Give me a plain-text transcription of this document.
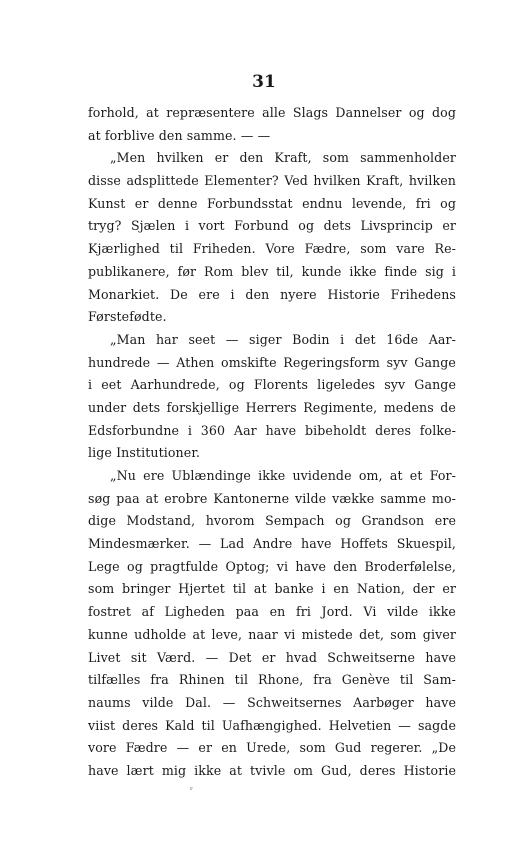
31
forhold, at repræsentere alle Slags Dannelser og dog
at forblive den samme. — —
„Men hvilken er den Kraft, som sammenholder
disse adsplittede Elementer? Ved hvilken Kraft, hvilken
Kunst er denne Forbundsstat endnu levende, fri og
tryg? Sjælen i vort Forbund og dets Livsprincip er
Kjærlighed til Friheden. Vore Fædre, som vare Re-
publikanere, før Rom blev til, kunde ikke finde sig i
Monarkiet. De ere i den nyere Historie Frihedens
Førstefødte.
„Man har seet — siger Bodin i det 16de Aar-
hundrede — Athen omskifte Regeringsform syv Gange
i eet Aarhundrede, og Florents ligeledes syv Gange
under dets forskjellige Herrers Regimente, medens de
Edsforbundne i 360 Aar have bibeholdt deres folke-
lige Institutioner.
„Nu ere Ublændinge ikke uvidende om, at et For-
søg paa at erobre Kantonerne vilde vække samme mo-
dige Modstand, hvorom Sempach og Grandson ere
Mindesmærker. — Lad Andre have Hoffets Skuespil,
Lege og pragtfulde Optog; vi have den Broderfølelse,
som bringer Hjertet til at banke i en Nation, der er
fostret af Ligheden paa en fri Jord. Vi vilde ikke
kunne udholde at leve, naar vi mistede det, som giver
Livet sit Værd. — Det er hvad Schweitserne have
tilfælles fra Rhinen til Rhone, fra Genève til Sam-
naums vilde Dal. — Schweitsernes Aarbøger have
viist deres Kald til Uafhængighed. Helvetien — sagde
vore Fædre — er en Urede, som Gud regerer. „De
have lært mig ikke at tvivle om Gud, deres Historie
ʳ
